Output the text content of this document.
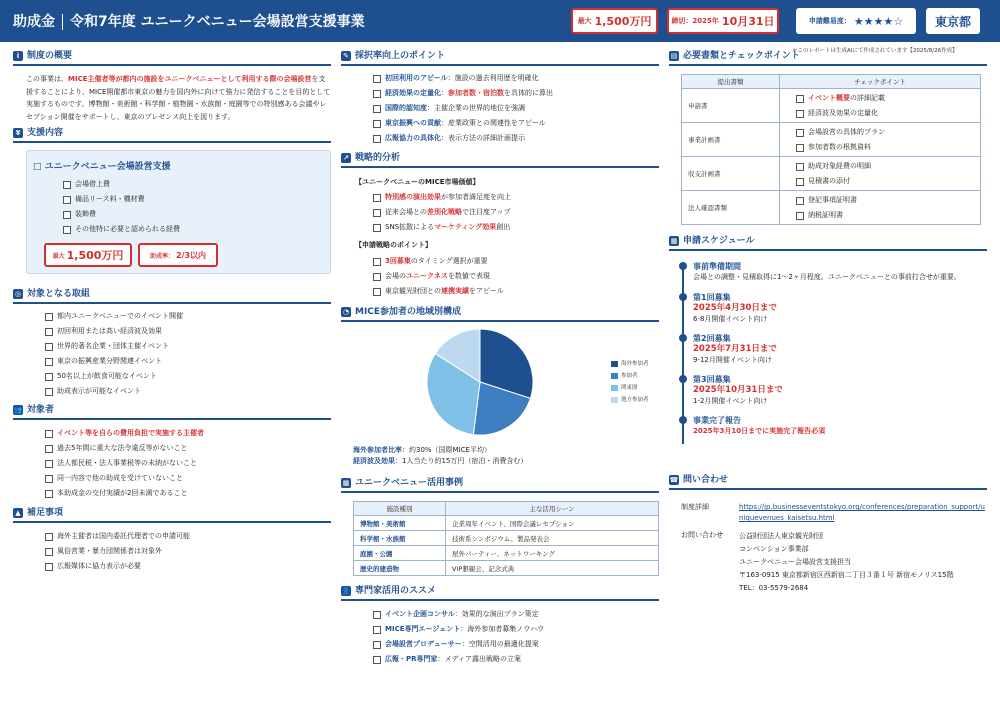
助成金 令和7年度 ユニークベニュー会場設営支援事業	最大 1,500万円	締切：2025年 10月31日	申請難易度： ★★★★☆	東京都
＊このレポートは生成AIにて作成されています【2025/8/26作成】
i 制度の概要
この事業は、MICE主催者等が都内の施設をユニークベニューとして利用する際の会場設営を支援することにより、MICE開催都市東京の魅力を国内外に向けて強力に発信することを目的として実施するものです。博物館・美術館・科学館・植物園・水族館・庭園等での特別感ある会議やレセプション開催をサポートし、東京のプレゼンス向上を図ります。
¥ 支援内容
□ ユニークベニュー会場設営支援
会場借上費
備品リース料・機材費
装飾費
その他特に必要と認められる経費
最大 1,500万円	助成率： 2/3以内
◎ 対象となる取組
都内ユニークベニューでのイベント開催
初回利用または高い経済波及効果
世界的著名企業・団体主催イベント
東京の振興産業分野関連イベント
50名以上が飲食可能なイベント
助成表示が可能なイベント
👥 対象者
イベント等を自らの費用負担で実施する主催者
過去5年間に重大な法令違反等がないこと
法人都民税・法人事業税等の未納がないこと
同一内容で他の助成を受けていないこと
本助成金の交付実績が2回未満であること
▲ 補足事項
海外主催者は国内委託代理者での申請可能
風俗営業・暴力団関係者は対象外
広報媒体に協力表示が必要
✎ 採択率向上のポイント
初回利用のアピール：施設の過去利用歴を明確化
経済効果の定量化：参加者数・宿泊数を具体的に算出
国際的認知度：主催企業の世界的地位を強調
東京振興への貢献：産業政策との関連性をアピール
広報協力の具体化：表示方法の詳細計画提示
↗ 戦略的分析
【ユニークベニューのMICE市場価値】
特別感の演出効果が参加者満足度を向上
従来会場との差別化戦略で注目度アップ
SNS拡散によるマーケティング効果創出
【申請戦略のポイント】
3回募集のタイミング選択が重要
会場のユニークネスを数値で表現
東京観光財団との連携実績をアピール
◔ MICE参加者の地域別構成
海外参加者
参加者
関東圏
地方参加者
海外参加者比率：約30%（国際MICE平均）
経済波及効果：1人当たり約15万円（宿泊・消費含む）
▦ ユニークベニュー活用事例
施設種別	主な活用シーン
博物館・美術館	企業周年イベント、国際会議レセプション
科学館・水族館	技術系シンポジウム、製品発表会
庭園・公園	屋外パーティー、ネットワーキング
歴史的建造物	VIP懇親会、記念式典
👤 専門家活用のススメ
イベント企画コンサル：効果的な演出プラン策定
MICE専門エージェント：海外参加者募集ノウハウ
会場設営プロデューサー：空間活用の最適化提案
広報・PR専門家：メディア露出戦略の立案
▤ 必要書類とチェックポイント
提出書類	チェックポイント
申請書	イベント概要の詳細記載
経済波及効果の定量化

事業計画書	会場設営の具体的プラン
参加者数の根拠資料

収支計画書	助成対象経費の明細
見積書の添付

法人確認書類	登記事項証明書
納税証明書
▦ 申請スケジュール
事前準備期間
会場との調整・見積取得に1〜2ヶ月程度。ユニークベニューとの事前打合せが重要。
第1回募集
2025年4月30日まで
6-8月開催イベント向け
第2回募集
2025年7月31日まで
9-12月開催イベント向け
第3回募集
2025年10月31日まで
1-2月開催イベント向け
事業完了報告
2025年3月10日までに実施完了報告必須
☎ 問い合わせ
制度詳細	https://jp.businesseventstokyo.org/conferences/preparation_support/uniquevenues_kaisetsu.html
お問い合わせ 公益財団法人東京観光財団
コンベンション事業部
ユニークベニュー会場設営支援担当
〒163-0915 東京都新宿区西新宿二丁目３番１号 新宿モノリス15階
TEL：03-5579-2684
